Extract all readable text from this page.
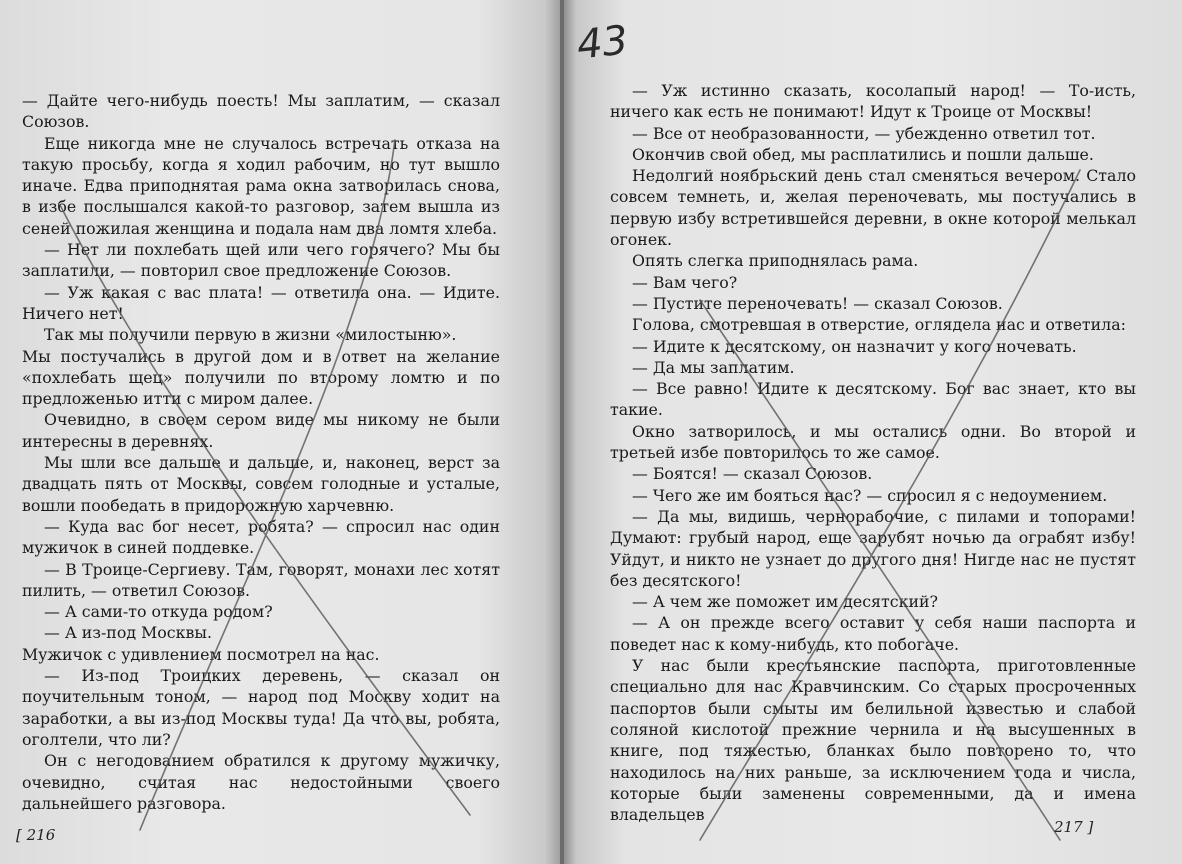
— Дайте чего-нибудь поесть! Мы заплатим, — сказал Союзов.

Еще никогда мне не случалось встречать отказа на такую просьбу, когда я ходил рабочим, но тут вышло иначе. Едва приподнятая рама окна затворилась снова, в избе послышался какой-то разговор, затем вышла из сеней пожилая женщина и подала нам два ломтя хлеба.

— Нет ли похлебать щей или чего горячего? Мы бы заплатили, — повторил свое предложение Союзов.

— Уж какая с вас плата! — ответила она. — Идите. Ничего нет!

Так мы получили первую в жизни «милостыню».

Мы постучались в другой дом и в ответ на желание «похлебать щец» получили по второму ломтю и по предложенью итти с миром далее.

Очевидно, в своем сером виде мы никому не были интересны в деревнях.

Мы шли все дальше и дальше, и, наконец, верст за двадцать пять от Москвы, совсем голодные и усталые, вошли пообедать в придорожную харчевню.

— Куда вас бог несет, робята? — спросил нас один мужичок в синей поддевке.

— В Троице-Сергиеву. Там, говорят, монахи лес хотят пилить, — ответил Союзов.

— А сами-то откуда родом?

— А из-под Москвы.

Мужичок с удивлением посмотрел на нас.

— Из-под Троицких деревень, — сказал он поучительным тоном, — народ под Москву ходит на заработки, а вы из-под Москвы туда! Да что вы, робята, оголтели, что ли?

Он с негодованием обратился к другому мужичку, очевидно, считая нас недостойными своего дальнейшего разговора.

[ 216

— Уж истинно сказать, косолапый народ! — То-исть, ничего как есть не понимают! Идут к Троице от Москвы!

— Все от необразованности, — убежденно ответил тот.

Окончив свой обед, мы расплатились и пошли дальше.

Недолгий ноябрьский день стал сменяться вечером. Стало совсем темнеть, и, желая переночевать, мы постучались в первую избу встретившейся деревни, в окне которой мелькал огонек.

Опять слегка приподнялась рама.

— Вам чего?

— Пустите переночевать! — сказал Союзов.

Голова, смотревшая в отверстие, оглядела нас и ответила:

— Идите к десятскому, он назначит у кого ночевать.

— Да мы заплатим.

— Все равно! Идите к десятскому. Бог вас знает, кто вы такие.

Окно затворилось, и мы остались одни. Во второй и третьей избе повторилось то же самое.

— Боятся! — сказал Союзов.

— Чего же им бояться нас? — спросил я с недоумением.

— Да мы, видишь, чернорабочие, с пилами и топорами! Думают: грубый народ, еще зарубят ночью да ограбят избу! Уйдут, и никто не узнает до другого дня! Нигде нас не пустят без десятского!

— А чем же поможет им десятский?

— А он прежде всего оставит у себя наши паспорта и поведет нас к кому-нибудь, кто побогаче.

У нас были крестьянские паспорта, приготовленные специально для нас Кравчинским. Со старых просроченных паспортов были смыты им белильной известью и слабой соляной кислотой прежние чернила и на высушенных в книге, под тяжестью, бланках было повторено то, что находилось на них раньше, за исключением года и числа, которые были заменены современными, да и имена владельцев

217 ]
43
